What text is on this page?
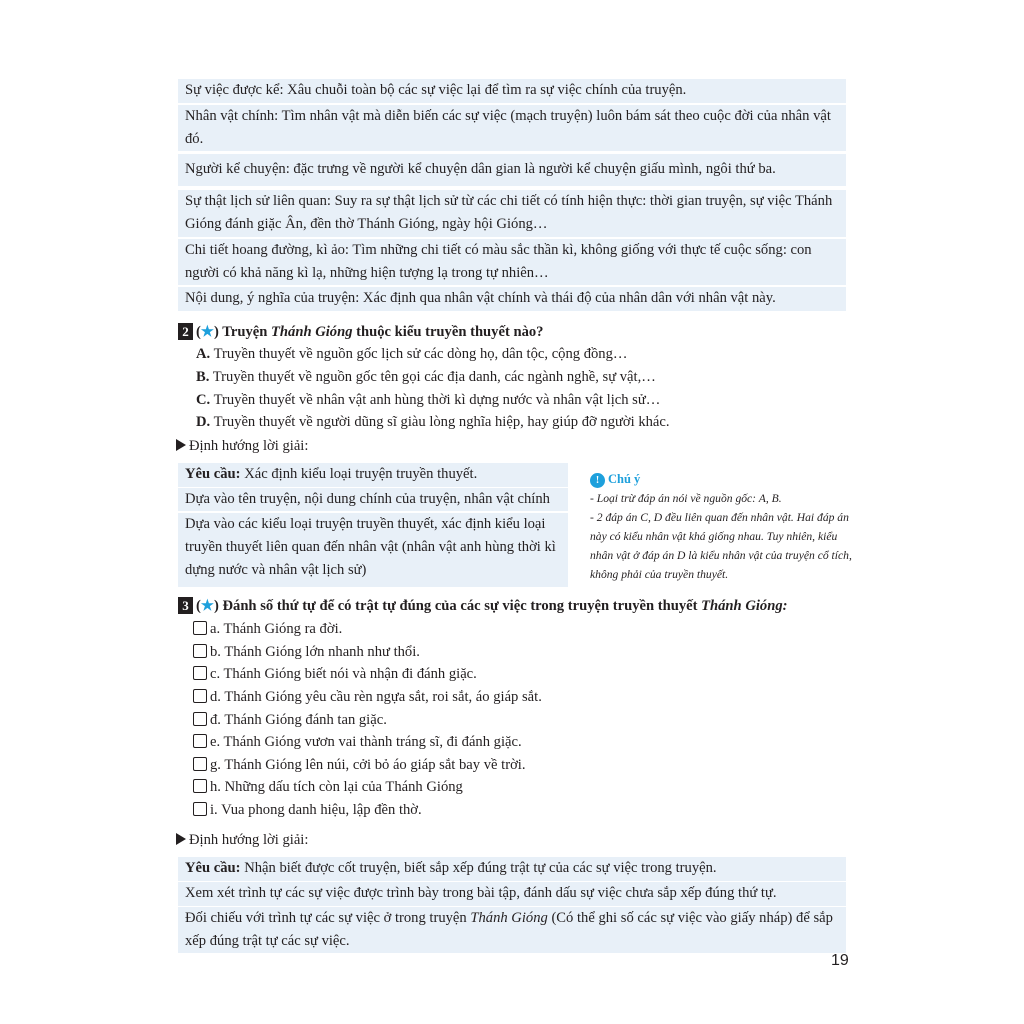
Sự việc được kể: Xâu chuỗi toàn bộ các sự việc lại để tìm ra sự việc chính của truyện.
Nhân vật chính: Tìm nhân vật mà diễn biến các sự việc (mạch truyện) luôn bám sát theo cuộc đời của nhân vật đó.
Người kể chuyện: đặc trưng về người kể chuyện dân gian là người kể chuyện giấu mình, ngôi thứ ba.
Sự thật lịch sử liên quan: Suy ra sự thật lịch sử từ các chi tiết có tính hiện thực: thời gian truyện, sự việc Thánh Gióng đánh giặc Ân, đền thờ Thánh Gióng, ngày hội Gióng…
Chi tiết hoang đường, kì ảo: Tìm những chi tiết có màu sắc thần kì, không giống với thực tế cuộc sống: con người có khả năng kì lạ, những hiện tượng lạ trong tự nhiên…
Nội dung, ý nghĩa của truyện: Xác định qua nhân vật chính và thái độ của nhân dân với nhân vật này.
2 (★) Truyện Thánh Gióng thuộc kiểu truyền thuyết nào?
A. Truyền thuyết về nguồn gốc lịch sử các dòng họ, dân tộc, cộng đồng…
B. Truyền thuyết về nguồn gốc tên gọi các địa danh, các ngành nghề, sự vật,…
C. Truyền thuyết về nhân vật anh hùng thời kì dựng nước và nhân vật lịch sử…
D. Truyền thuyết về người dũng sĩ giàu lòng nghĩa hiệp, hay giúp đỡ người khác.
Định hướng lời giải:
Yêu cầu: Xác định kiểu loại truyện truyền thuyết.
Dựa vào tên truyện, nội dung chính của truyện, nhân vật chính
Dựa vào các kiểu loại truyện truyền thuyết, xác định kiểu loại truyền thuyết liên quan đến nhân vật (nhân vật anh hùng thời kì dựng nước và nhân vật lịch sử)
! Chú ý
- Loại trừ đáp án nói về nguồn gốc: A, B.
- 2 đáp án C, D đều liên quan đến nhân vật. Hai đáp án này có kiểu nhân vật khá giống nhau. Tuy nhiên, kiểu nhân vật ở đáp án D là kiểu nhân vật của truyện cổ tích, không phải của truyền thuyết.
3 (★) Đánh số thứ tự để có trật tự đúng của các sự việc trong truyện truyền thuyết Thánh Gióng:
a. Thánh Gióng ra đời.
b. Thánh Gióng lớn nhanh như thổi.
c. Thánh Gióng biết nói và nhận đi đánh giặc.
d. Thánh Gióng yêu cầu rèn ngựa sắt, roi sắt, áo giáp sắt.
đ. Thánh Gióng đánh tan giặc.
e. Thánh Gióng vươn vai thành tráng sĩ, đi đánh giặc.
g. Thánh Gióng lên núi, cởi bỏ áo giáp sắt bay về trời.
h. Những dấu tích còn lại của Thánh Gióng
i. Vua phong danh hiệu, lập đền thờ.
Định hướng lời giải:
Yêu cầu: Nhận biết được cốt truyện, biết sắp xếp đúng trật tự của các sự việc trong truyện.
Xem xét trình tự các sự việc được trình bày trong bài tập, đánh dấu sự việc chưa sắp xếp đúng thứ tự.
Đối chiếu với trình tự các sự việc ở trong truyện Thánh Gióng (Có thể ghi số các sự việc vào giấy nháp) để sắp xếp đúng trật tự các sự việc.
19
